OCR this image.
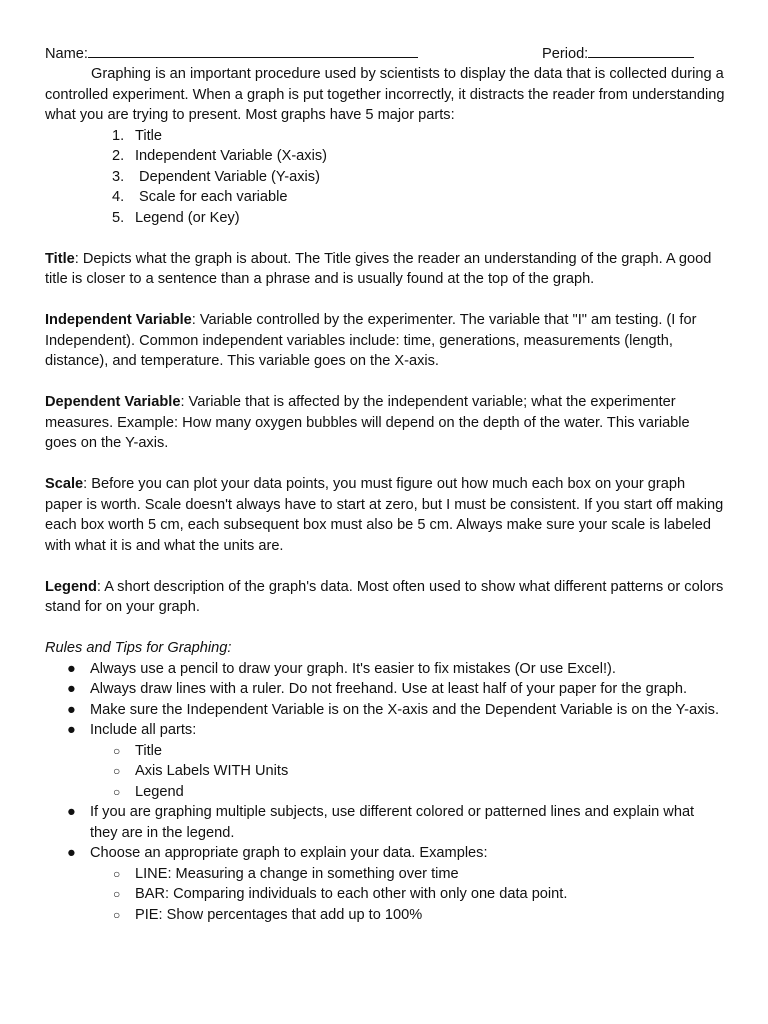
Name:	Period:

Graphing is an important procedure used by scientists to display the data that is collected during a controlled experiment. When a graph is put together incorrectly, it distracts the reader from understanding what you are trying to present. Most graphs have 5 major parts:

1. Title
2. Independent Variable (X-axis)
3. Dependent Variable (Y-axis)
4. Scale for each variable
5. Legend (or Key)

Title: Depicts what the graph is about. The Title gives the reader an understanding of the graph. A good title is closer to a sentence than a phrase and is usually found at the top of the graph.

Independent Variable: Variable controlled by the experimenter. The variable that "I" am testing. (I for Independent). Common independent variables include: time, generations, measurements (length, distance), and temperature. This variable goes on the X-axis.

Dependent Variable: Variable that is affected by the independent variable; what the experimenter measures. Example: How many oxygen bubbles will depend on the depth of the water. This variable goes on the Y-axis.

Scale: Before you can plot your data points, you must figure out how much each box on your graph paper is worth. Scale doesn't always have to start at zero, but I must be consistent. If you start off making each box worth 5 cm, each subsequent box must also be 5 cm. Always make sure your scale is labeled with what it is and what the units are.

Legend: A short description of the graph's data. Most often used to show what different patterns or colors stand for on your graph.

Rules and Tips for Graphing:

● Always use a pencil to draw your graph. It's easier to fix mistakes (Or use Excel!).
● Always draw lines with a ruler. Do not freehand. Use at least half of your paper for the graph.
● Make sure the Independent Variable is on the X-axis and the Dependent Variable is on the Y-axis.
● Include all parts:
○ Title
○ Axis Labels WITH Units
○ Legend
● If you are graphing multiple subjects, use different colored or patterned lines and explain what they are in the legend.
● Choose an appropriate graph to explain your data. Examples:
○ LINE: Measuring a change in something over time
○ BAR: Comparing individuals to each other with only one data point.
○ PIE: Show percentages that add up to 100%
